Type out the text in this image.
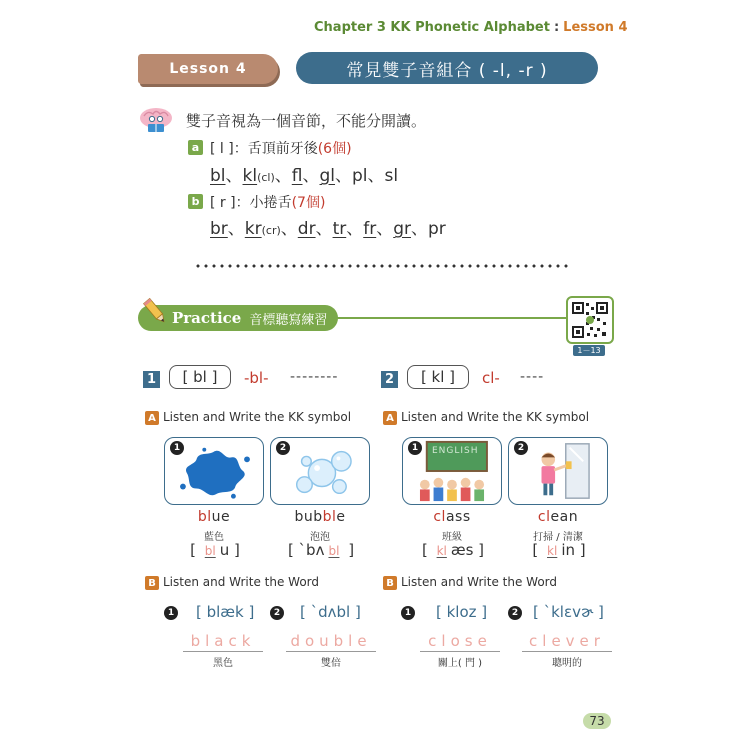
Chapter 3 KK Phonetic Alphabet : Lesson 4
Lesson 4	常見雙子音組合 ( -l, -r )
雙子音視為一個音節，不能分開讀。
a [ l ]：舌頂前牙後(6個)
bl、kl(cl)、fl、gl、pl、sl
b [ r ]：小捲舌(7個)
br、kr(cr)、dr、tr、fr、gr、pr
Practice 音標聽寫練習
1－13
1	[ bl ]	-bl- --------
A Listen and Write the KK symbol
1	2
blue	bubble
藍色	泡泡
[ bl u ]	[ `bʌ bl ]
B Listen and Write the Word
1 [ blæk ]	2 [ `dʌbl ]
black	double
黑色	雙倍
2	[ kl ]	cl- ----
A Listen and Write the KK symbol
ENGLISH
1	2
class	clean
班級	打掃 / 清潔
[ kl æs ]	[ kl in ]
B Listen and Write the Word
1 [ kloz ]	2 [ `klɛvɚ ]
close	clever
關上( 門 )	聰明的
73
